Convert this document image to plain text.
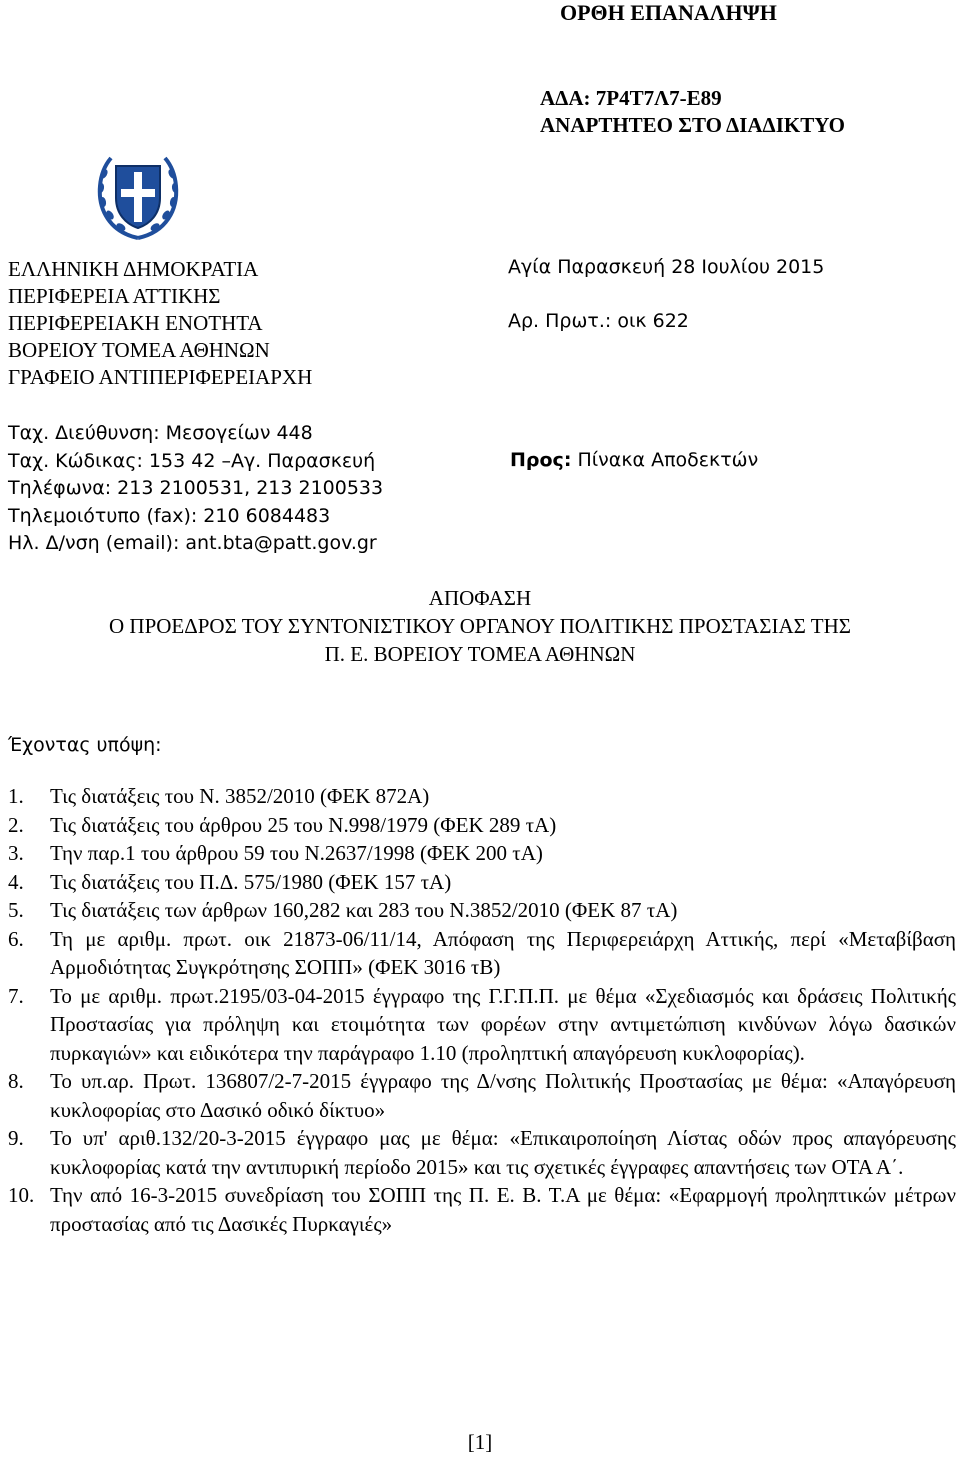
ΟΡΘΗ ΕΠΑΝΑΛΗΨΗ
ΑΔΑ: 7Ρ4Τ7Λ7-Ε89
ΑΝΑΡΤΗΤΕΟ ΣΤΟ ΔΙΑΔΙΚΤΥΟ
ΕΛΛΗΝΙΚΗ ΔΗΜΟΚΡΑΤΙΑ
ΠΕΡΙΦΕΡΕΙΑ ΑΤΤΙΚΗΣ
ΠΕΡΙΦΕΡΕΙΑΚΗ ΕΝΟΤΗΤΑ
ΒΟΡΕΙΟΥ ΤΟΜΕΑ ΑΘΗΝΩΝ
ΓΡΑΦΕΙΟ ΑΝΤΙΠΕΡΙΦΕΡΕΙΑΡΧΗ
Αγία Παρασκευή 28 Ιουλίου 2015
Αρ. Πρωτ.: οικ 622
Ταχ. Διεύθυνση: Μεσογείων 448
Ταχ. Κώδικας: 153 42 –Αγ. Παρασκευή
Τηλέφωνα: 213 2100531, 213 2100533
Τηλεμοιότυπο (fax): 210 6084483
Ηλ. Δ/νση (email): ant.bta@patt.gov.gr
Προς: Πίνακα Αποδεκτών
ΑΠΟΦΑΣΗ
Ο ΠΡΟΕΔΡΟΣ ΤΟΥ ΣΥΝΤΟΝΙΣΤΙΚΟΥ ΟΡΓΑΝΟΥ ΠΟΛΙΤΙΚΗΣ ΠΡΟΣΤΑΣΙΑΣ ΤΗΣ
Π. Ε. ΒΟΡΕΙΟΥ ΤΟΜΕΑ ΑΘΗΝΩΝ
Έχοντας υπόψη:
1. Τις διατάξεις του Ν. 3852/2010 (ΦΕΚ 872Α)
2. Τις διατάξεις του άρθρου 25 του Ν.998/1979 (ΦΕΚ 289 τΑ)
3. Την παρ.1 του άρθρου 59 του Ν.2637/1998 (ΦΕΚ 200 τΑ)
4. Τις διατάξεις του Π.Δ. 575/1980 (ΦΕΚ 157 τΑ)
5. Τις διατάξεις των άρθρων 160,282 και 283 του Ν.3852/2010 (ΦΕΚ 87 τΑ)
6. Τη με αριθμ. πρωτ. οικ 21873-06/11/14, Απόφαση της Περιφερειάρχη Αττικής, περί «Μεταβίβαση Αρμοδιότητας Συγκρότησης ΣΟΠΠ» (ΦΕΚ 3016 τΒ)
7. Το με αριθμ. πρωτ.2195/03-04-2015 έγγραφο της Γ.Γ.Π.Π. με θέμα «Σχεδιασμός και δράσεις Πολιτικής Προστασίας για πρόληψη και ετοιμότητα των φορέων στην αντιμετώπιση κινδύνων λόγω δασικών πυρκαγιών» και ειδικότερα την παράγραφο 1.10 (προληπτική απαγόρευση κυκλοφορίας).
8. Το υπ.αρ. Πρωτ. 136807/2-7-2015 έγγραφο της Δ/νσης Πολιτικής Προστασίας με θέμα: «Απαγόρευση κυκλοφορίας στο Δασικό οδικό δίκτυο»
9. Το υπ' αριθ.132/20-3-2015 έγγραφο μας με θέμα: «Επικαιροποίηση Λίστας οδών προς απαγόρευσης κυκλοφορίας κατά την αντιπυρική περίοδο 2015» και τις σχετικές έγγραφες απαντήσεις των ΟΤΑ Α΄.
10. Την από 16-3-2015 συνεδρίαση του ΣΟΠΠ της Π. Ε. Β. Τ.Α με θέμα: «Εφαρμογή προληπτικών μέτρων προστασίας από τις Δασικές Πυρκαγιές»
[1]
